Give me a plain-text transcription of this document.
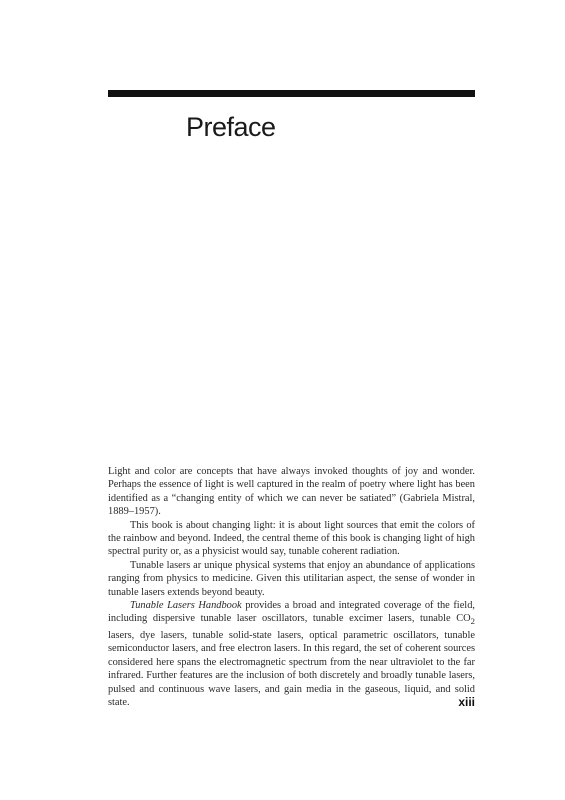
Preface

Light and color are concepts that have always invoked thoughts of joy and wonder. Perhaps the essence of light is well captured in the realm of poetry where light has been identified as a “changing entity of which we can never be satiated” (Gabriela Mistral, 1889–1957).

This book is about changing light: it is about light sources that emit the colors of the rainbow and beyond. Indeed, the central theme of this book is changing light of high spectral purity or, as a physicist would say, tunable coherent radiation.

Tunable lasers ar unique physical systems that enjoy an abundance of applications ranging from physics to medicine. Given this utilitarian aspect, the sense of wonder in tunable lasers extends beyond beauty.

Tunable Lasers Handbook provides a broad and integrated coverage of the field, including dispersive tunable laser oscillators, tunable excimer lasers, tunable $CO_2$ lasers, dye lasers, tunable solid-state lasers, optical parametric oscillators, tunable semiconductor lasers, and free electron lasers. In this regard, the set of coherent sources considered here spans the electromagnetic spectrum from the near ultraviolet to the far infrared. Further features are the inclusion of both discretely and broadly tunable lasers, pulsed and continuous wave lasers, and gain media in the gaseous, liquid, and solid state.	xiii
